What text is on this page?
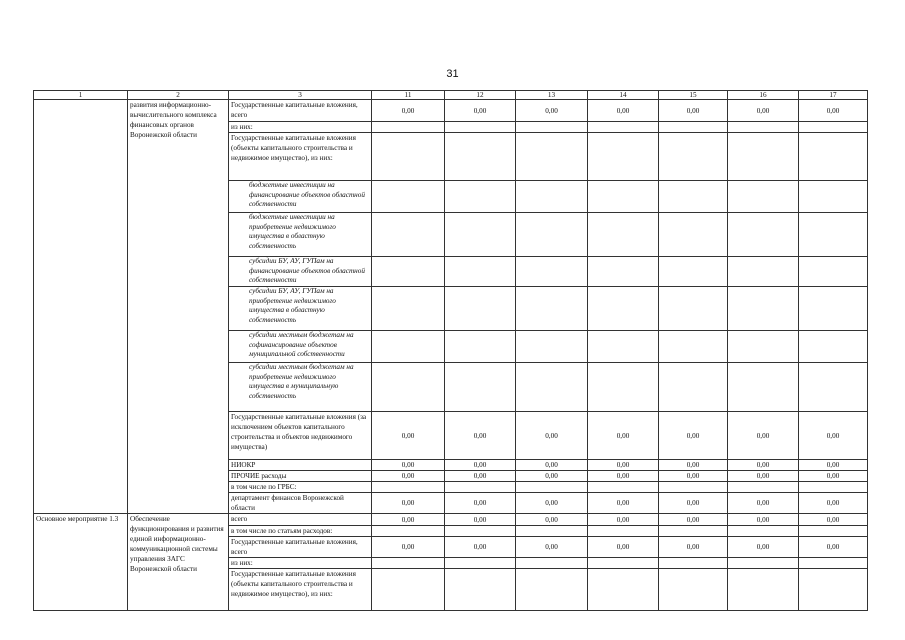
31
1	2	3	11	12	13	14	15	16	17
	развития информационно-вычислительного комплекса финансовых органов Воронежской области	Государственные капитальные вложения, всего	0,00	0,00	0,00	0,00	0,00	0,00	0,00
		из них:							
		Государственные капитальные вложения (объекты капитального строительства и недвижимое имущество), из них:							
		бюджетные инвестиции на финансирование объектов областной собственности							
		бюджетные инвестиции на приобретение недвижимого имущества в областную собственность							
		субсидии БУ, АУ, ГУПам на финансирование объектов областной собственности							
		субсидии БУ, АУ, ГУПам на приобретение недвижимого имущества в областную собственность							
		субсидии местным бюджетам на софинансирование объектов муниципальной собственности							
		субсидии местным бюджетам на приобретение недвижимого имущества в муниципальную собственность							
		Государственные капитальные вложения (за исключением объектов капитального строительства и объектов недвижимого имущества)	0,00	0,00	0,00	0,00	0,00	0,00	0,00
		НИОКР	0,00	0,00	0,00	0,00	0,00	0,00	0,00
		ПРОЧИЕ расходы	0,00	0,00	0,00	0,00	0,00	0,00	0,00
		в том числе по ГРБС:							
		департамент финансов Воронежской области	0,00	0,00	0,00	0,00	0,00	0,00	0,00
Основное мероприятие 1.3	Обеспечение функционирования и развития единой информационно-коммуникационной системы управления ЗАГС Воронежской области	всего	0,00	0,00	0,00	0,00	0,00	0,00	0,00
		в том числе по статьям расходов:							
		Государственные капитальные вложения, всего	0,00	0,00	0,00	0,00	0,00	0,00	0,00
		из них:							
		Государственные капитальные вложения (объекты капитального строительства и недвижимое имущество), из них:							
